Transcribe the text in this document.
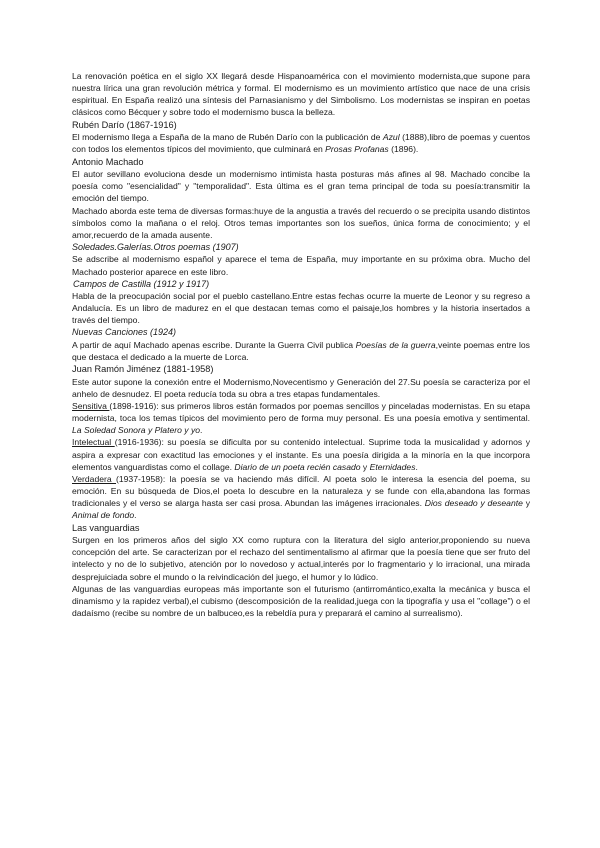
La renovación poética en el siglo XX llegará desde Hispanoamérica con el movimiento modernista,que supone para nuestra lírica una gran revolución métrica y formal. El modernismo es un movimiento artístico que nace de una crisis espiritual. En España realizó una síntesis del Parnasianismo y del Simbolismo. Los modernistas se inspiran en poetas clásicos como Bécquer y sobre todo el modernismo busca la belleza.

Rubén Darío (1867-1916)

El modernismo llega a España de la mano de Rubén Darío con la publicación de Azul (1888),libro de poemas y cuentos con todos los elementos típicos del movimiento, que culminará en Prosas Profanas (1896).

Antonio Machado

El autor sevillano evoluciona desde un modernismo intimista hasta posturas más afines al 98. Machado concibe la poesía como "esencialidad" y "temporalidad". Esta última es el gran tema principal de toda su poesía:transmitir la emoción del tiempo.

Machado aborda este tema de diversas formas:huye de la angustia a través del recuerdo o se precipita usando distintos símbolos como la mañana o el reloj. Otros temas importantes son los sueños, única forma de conocimiento; y el amor,recuerdo de la amada ausente.

Soledades.Galerías.Otros poemas (1907)

Se adscribe al modernismo español y aparece el tema de España, muy importante en su próxima obra. Mucho del Machado posterior aparece en este libro.

Campos de Castilla (1912 y 1917)

Habla de la preocupación social por el pueblo castellano.Entre estas fechas ocurre la muerte de Leonor y su regreso a Andalucía. Es un libro de madurez en el que destacan temas como el paisaje,los hombres y la historia insertados a través del tiempo.

Nuevas Canciones (1924)

A partir de aquí Machado apenas escribe. Durante la Guerra Civil publica Poesías de la guerra,veinte poemas entre los que destaca el dedicado a la muerte de Lorca.

Juan Ramón Jiménez (1881-1958)

Este autor supone la conexión entre el Modernismo,Novecentismo y Generación del 27.Su poesía se caracteriza por el anhelo de desnudez. El poeta reducía toda su obra a tres etapas fundamentales.

Sensitiva (1898-1916): sus primeros libros están formados por poemas sencillos y pinceladas modernistas. En su etapa modernista, toca los temas típicos del movimiento pero de forma muy personal. Es una poesía emotiva y sentimental. La Soledad Sonora y Platero y yo.

Intelectual (1916-1936): su poesía se dificulta por su contenido intelectual. Suprime toda la musicalidad y adornos y aspira a expresar con exactitud las emociones y el instante. Es una poesía dirigida a la minoría en la que incorpora elementos vanguardistas como el collage. Diario de un poeta recién casado y Eternidades.

Verdadera (1937-1958): la poesía se va haciendo más difícil. Al poeta solo le interesa la esencia del poema, su emoción. En su búsqueda de Dios,el poeta lo descubre en la naturaleza y se funde con ella,abandona las formas tradicionales y el verso se alarga hasta ser casi prosa. Abundan las imágenes irracionales. Dios deseado y deseante y Animal de fondo.

Las vanguardias

Surgen en los primeros años del siglo XX como ruptura con la literatura del siglo anterior,proponiendo su nueva concepción del arte. Se caracterizan por el rechazo del sentimentalismo al afirmar que la poesía tiene que ser fruto del intelecto y no de lo subjetivo, atención por lo novedoso y actual,interés por lo fragmentario y lo irracional, una mirada desprejuiciada sobre el mundo o la reivindicación del juego, el humor y lo lúdico.

Algunas de las vanguardias europeas más importante son el futurismo (antirromántico,exalta la mecánica y busca el dinamismo y la rapidez verbal),el cubismo (descomposición de la realidad,juega con la tipografía y usa el "collage") o el dadaísmo (recibe su nombre de un balbuceo,es la rebeldía pura y preparará el camino al surrealismo).
